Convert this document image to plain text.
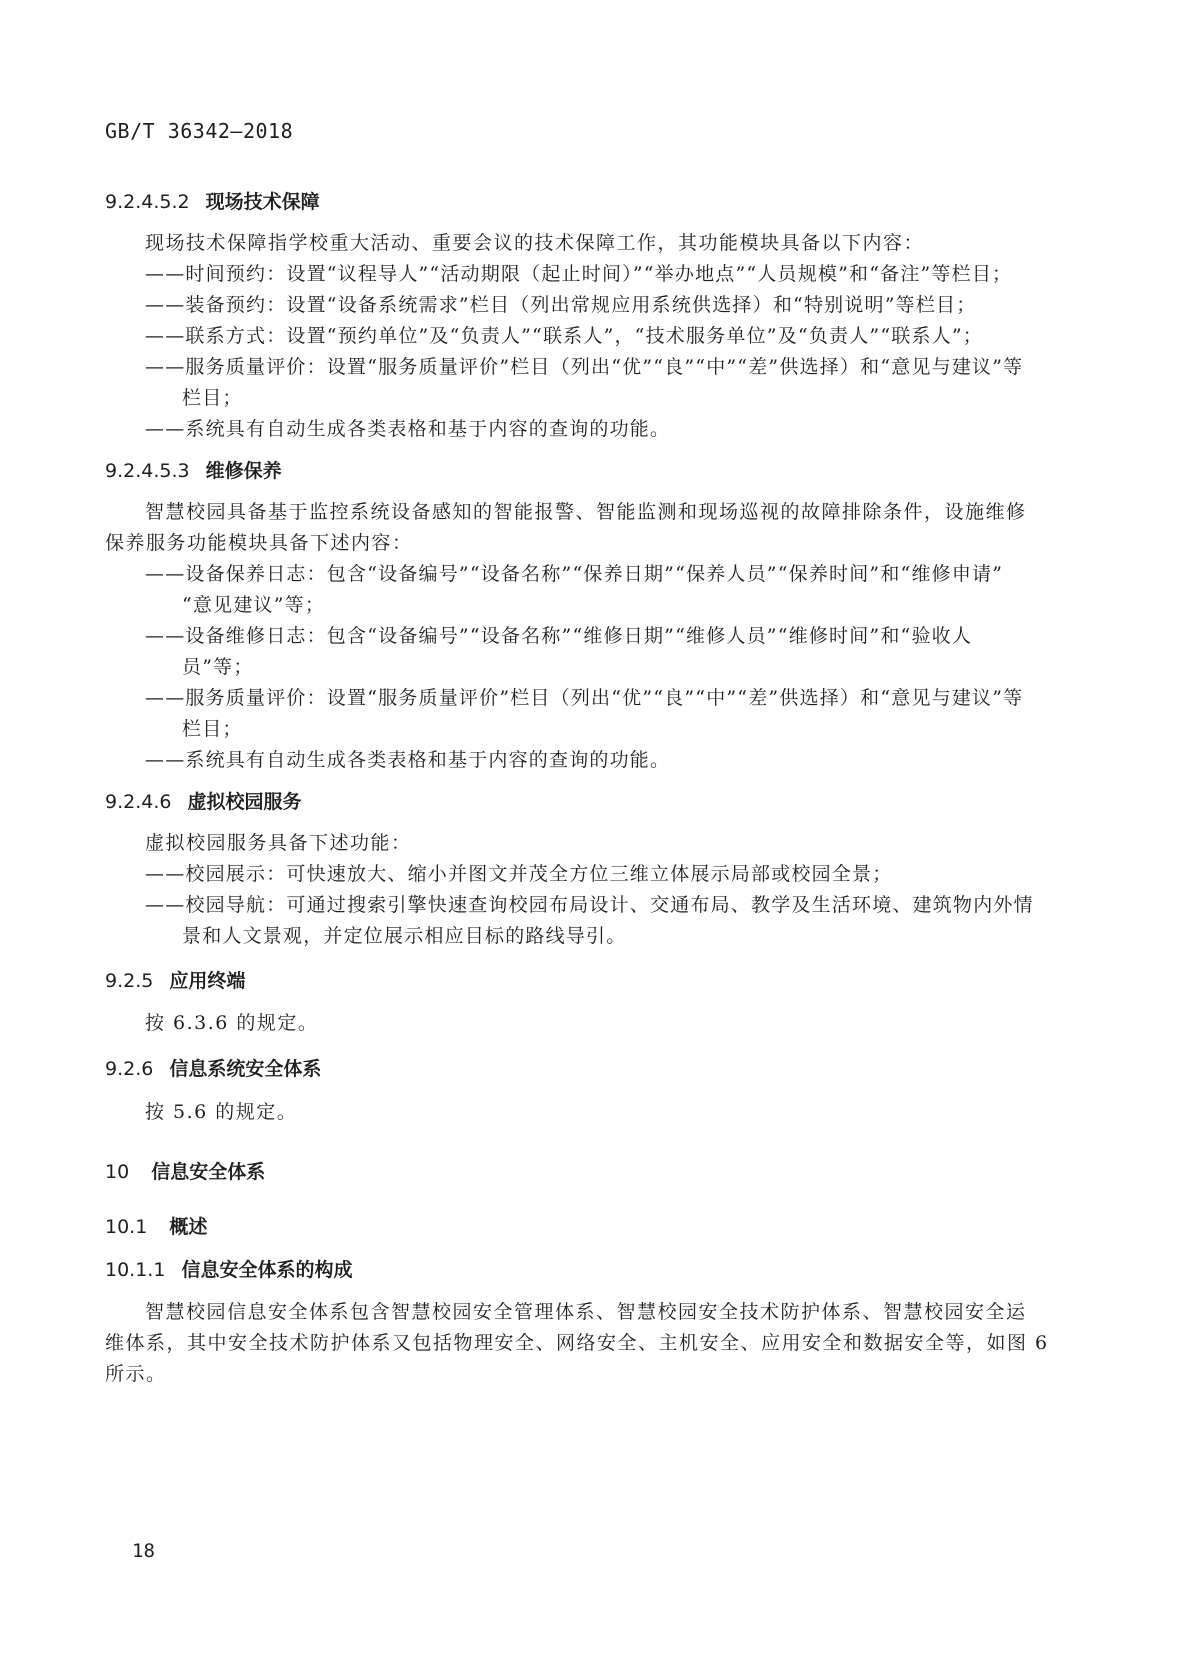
GB/T 36342—2018
9.2.4.5.2 现场技术保障
现场技术保障指学校重大活动、重要会议的技术保障工作，其功能模块具备以下内容：
——时间预约：设置“议程导人”“活动期限（起止时间）”“举办地点”“人员规模”和“备注”等栏目；
——装备预约：设置“设备系统需求”栏目（列出常规应用系统供选择）和“特别说明”等栏目；
——联系方式：设置“预约单位”及“负责人”“联系人”，“技术服务单位”及“负责人”“联系人”；
——服务质量评价：设置“服务质量评价”栏目（列出“优”“良”“中”“差”供选择）和“意见与建议”等
栏目；
——系统具有自动生成各类表格和基于内容的查询的功能。
9.2.4.5.3 维修保养
智慧校园具备基于监控系统设备感知的智能报警、智能监测和现场巡视的故障排除条件，设施维修
保养服务功能模块具备下述内容：
——设备保养日志：包含“设备编号”“设备名称”“保养日期”“保养人员”“保养时间”和“维修申请”
“意见建议”等；
——设备维修日志：包含“设备编号”“设备名称”“维修日期”“维修人员”“维修时间”和“验收人
员”等；
——服务质量评价：设置“服务质量评价”栏目（列出“优”“良”“中”“差”供选择）和“意见与建议”等
栏目；
——系统具有自动生成各类表格和基于内容的查询的功能。
9.2.4.6 虚拟校园服务
虚拟校园服务具备下述功能：
——校园展示：可快速放大、缩小并图文并茂全方位三维立体展示局部或校园全景；
——校园导航：可通过搜索引擎快速查询校园布局设计、交通布局、教学及生活环境、建筑物内外情
景和人文景观，并定位展示相应目标的路线导引。
9.2.5 应用终端
按 6.3.6 的规定。
9.2.6 信息系统安全体系
按 5.6 的规定。
10 信息安全体系
10.1 概述
10.1.1 信息安全体系的构成
智慧校园信息安全体系包含智慧校园安全管理体系、智慧校园安全技术防护体系、智慧校园安全运
维体系，其中安全技术防护体系又包括物理安全、网络安全、主机安全、应用安全和数据安全等，如图 6
所示。
18
